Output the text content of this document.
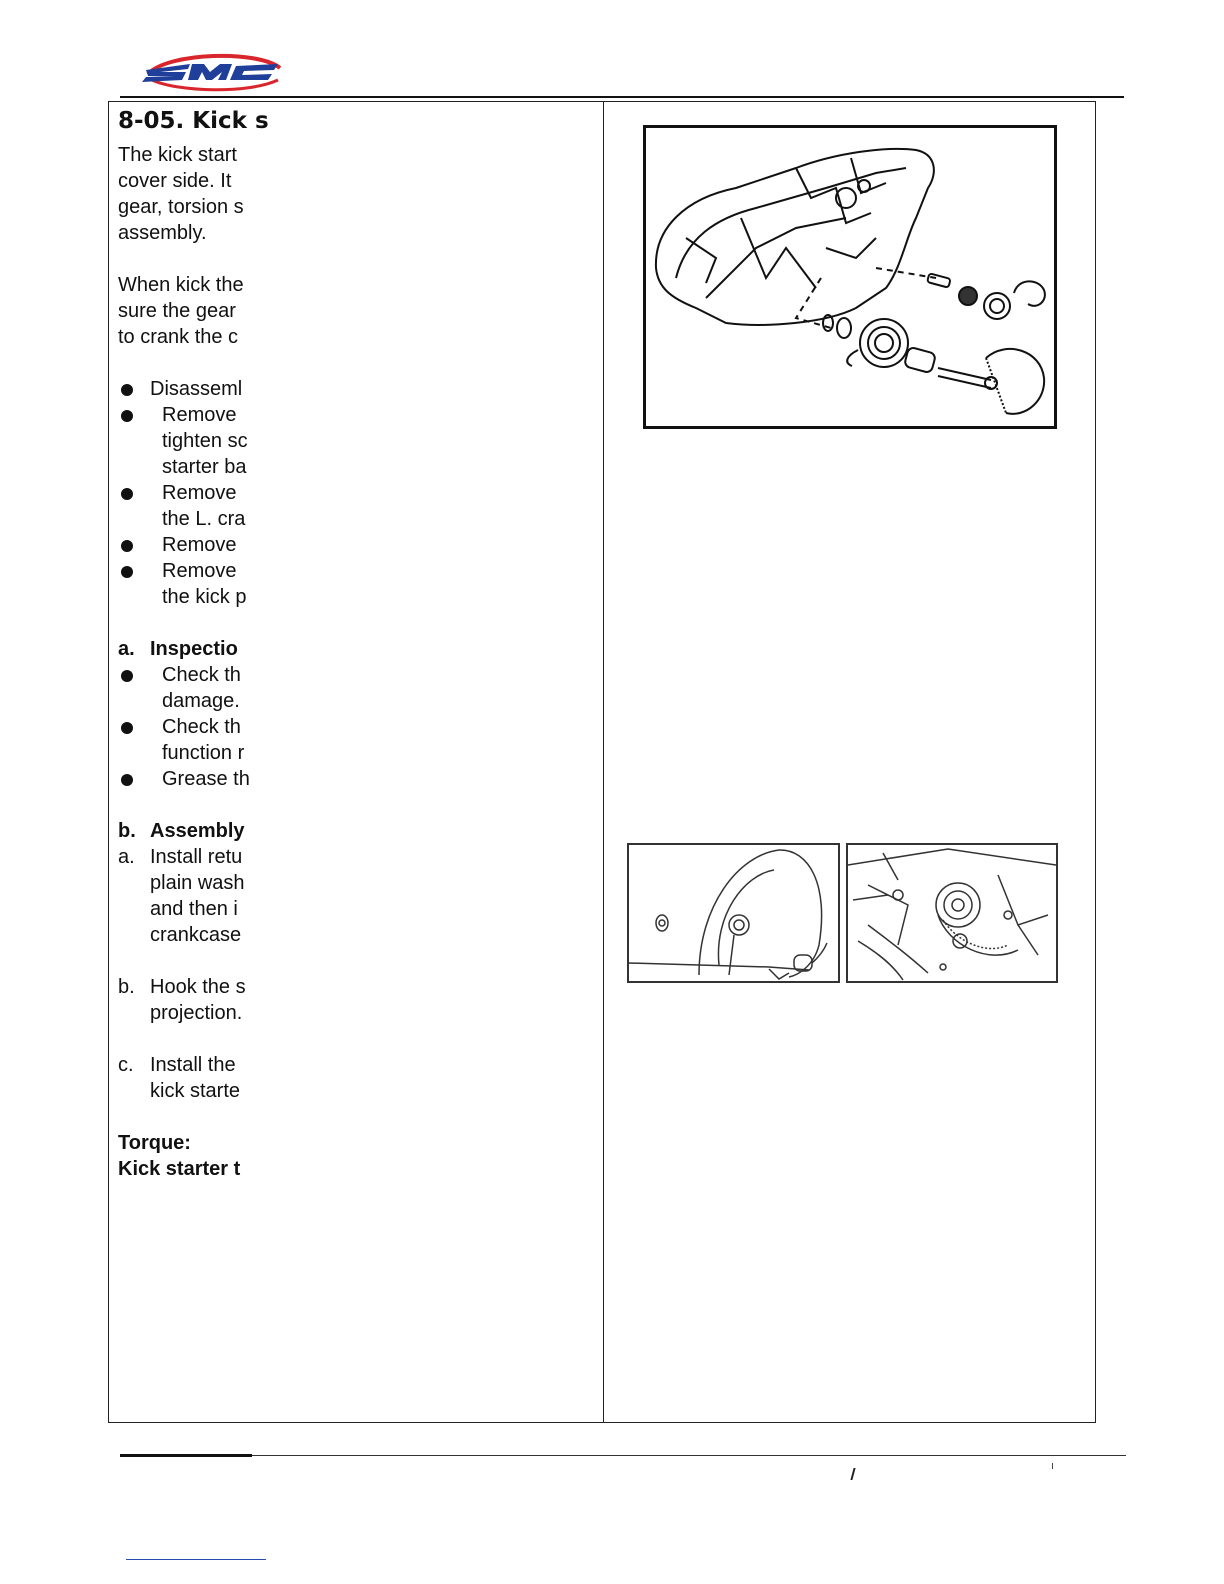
8-05. Kick s

The kick start

cover side. It

gear, torsion s

assembly.

When kick the

sure the gear

to crank the c

Disasseml

Remove

tighten sc

starter ba

Remove

the L. cra

Remove

Remove

the kick p

a. Inspectio

Check th

damage.

Check th

function r

Grease th

b. Assembly
a. Install retu

plain wash

and then i

crankcase

b. Hook the s

projection.

c. Install the

kick starte

Torque:

Kick starter t
